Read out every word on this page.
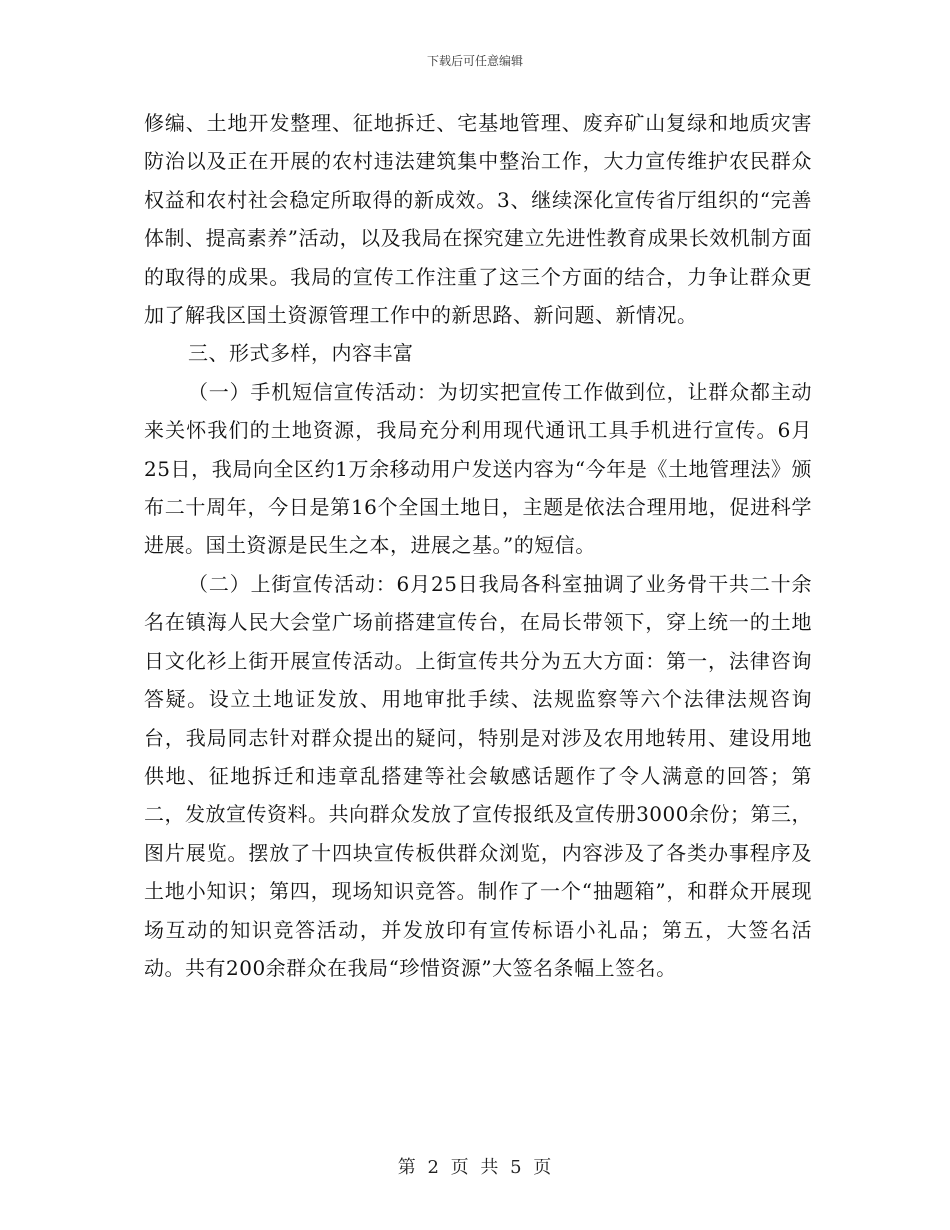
下载后可任意编辑

修编、土地开发整理、征地拆迁、宅基地管理、废弃矿山复绿和地质灾害防治以及正在开展的农村违法建筑集中整治工作，大力宣传维护农民群众权益和农村社会稳定所取得的新成效。3、继续深化宣传省厅组织的“完善体制、提高素养”活动，以及我局在探究建立先进性教育成果长效机制方面的取得的成果。我局的宣传工作注重了这三个方面的结合，力争让群众更加了解我区国土资源管理工作中的新思路、新问题、新情况。

三、形式多样，内容丰富

（一）手机短信宣传活动：为切实把宣传工作做到位，让群众都主动来关怀我们的土地资源，我局充分利用现代通讯工具手机进行宣传。6月25日，我局向全区约1万余移动用户发送内容为“今年是《土地管理法》颁布二十周年，今日是第16个全国土地日，主题是依法合理用地，促进科学进展。国土资源是民生之本，进展之基。”的短信。

（二）上街宣传活动：6月25日我局各科室抽调了业务骨干共二十余名在镇海人民大会堂广场前搭建宣传台，在局长带领下，穿上统一的土地日文化衫上街开展宣传活动。上街宣传共分为五大方面：第一，法律咨询答疑。设立土地证发放、用地审批手续、法规监察等六个法律法规咨询台，我局同志针对群众提出的疑问，特别是对涉及农用地转用、建设用地供地、征地拆迁和违章乱搭建等社会敏感话题作了令人满意的回答；第二，发放宣传资料。共向群众发放了宣传报纸及宣传册3000余份；第三，图片展览。摆放了十四块宣传板供群众浏览，内容涉及了各类办事程序及土地小知识；第四，现场知识竞答。制作了一个“抽题箱”，和群众开展现场互动的知识竞答活动，并发放印有宣传标语小礼品；第五，大签名活动。共有200余群众在我局“珍惜资源”大签名条幅上签名。

第 2 页 共 5 页
